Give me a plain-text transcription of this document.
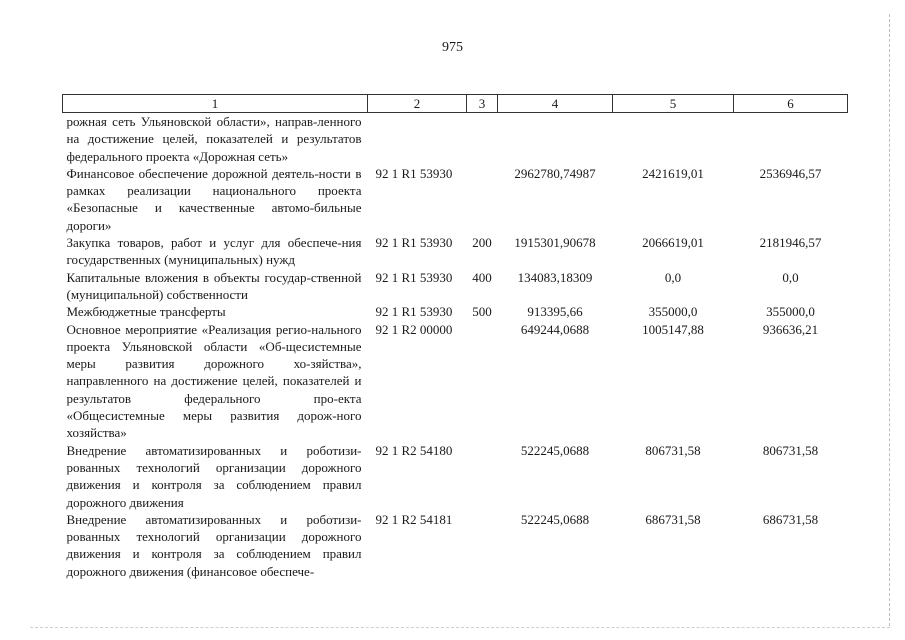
975
1	2	3	4	5	6
рожная сеть Ульяновской области», направ-ленного на достижение целей, показателей и результатов федерального проекта «Дорожная сеть»					
Финансовое обеспечение дорожной деятель-ности в рамках реализации национального проекта «Безопасные и качественные автомо-бильные дороги»	92 1 R1 53930		2962780,74987	2421619,01	2536946,57
Закупка товаров, работ и услуг для обеспече-ния государственных (муниципальных) нужд	92 1 R1 53930	200	1915301,90678	2066619,01	2181946,57
Капитальные вложения в объекты государ-ственной (муниципальной) собственности	92 1 R1 53930	400	134083,18309	0,0	0,0
Межбюджетные трансферты	92 1 R1 53930	500	913395,66	355000,0	355000,0
Основное мероприятие «Реализация регио-нального проекта Ульяновской области «Об-щесистемные меры развития дорожного хо-зяйства», направленного на достижение целей, показателей и результатов федерального про-екта «Общесистемные меры развития дорож-ного хозяйства»	92 1 R2 00000		649244,0688	1005147,88	936636,21
Внедрение автоматизированных и роботизи-рованных технологий организации дорожного движения и контроля за соблюдением правил дорожного движения	92 1 R2 54180		522245,0688	806731,58	806731,58
Внедрение автоматизированных и роботизи-рованных технологий организации дорожного движения и контроля за соблюдением правил дорожного движения (финансовое обеспече-	92 1 R2 54181		522245,0688	686731,58	686731,58
